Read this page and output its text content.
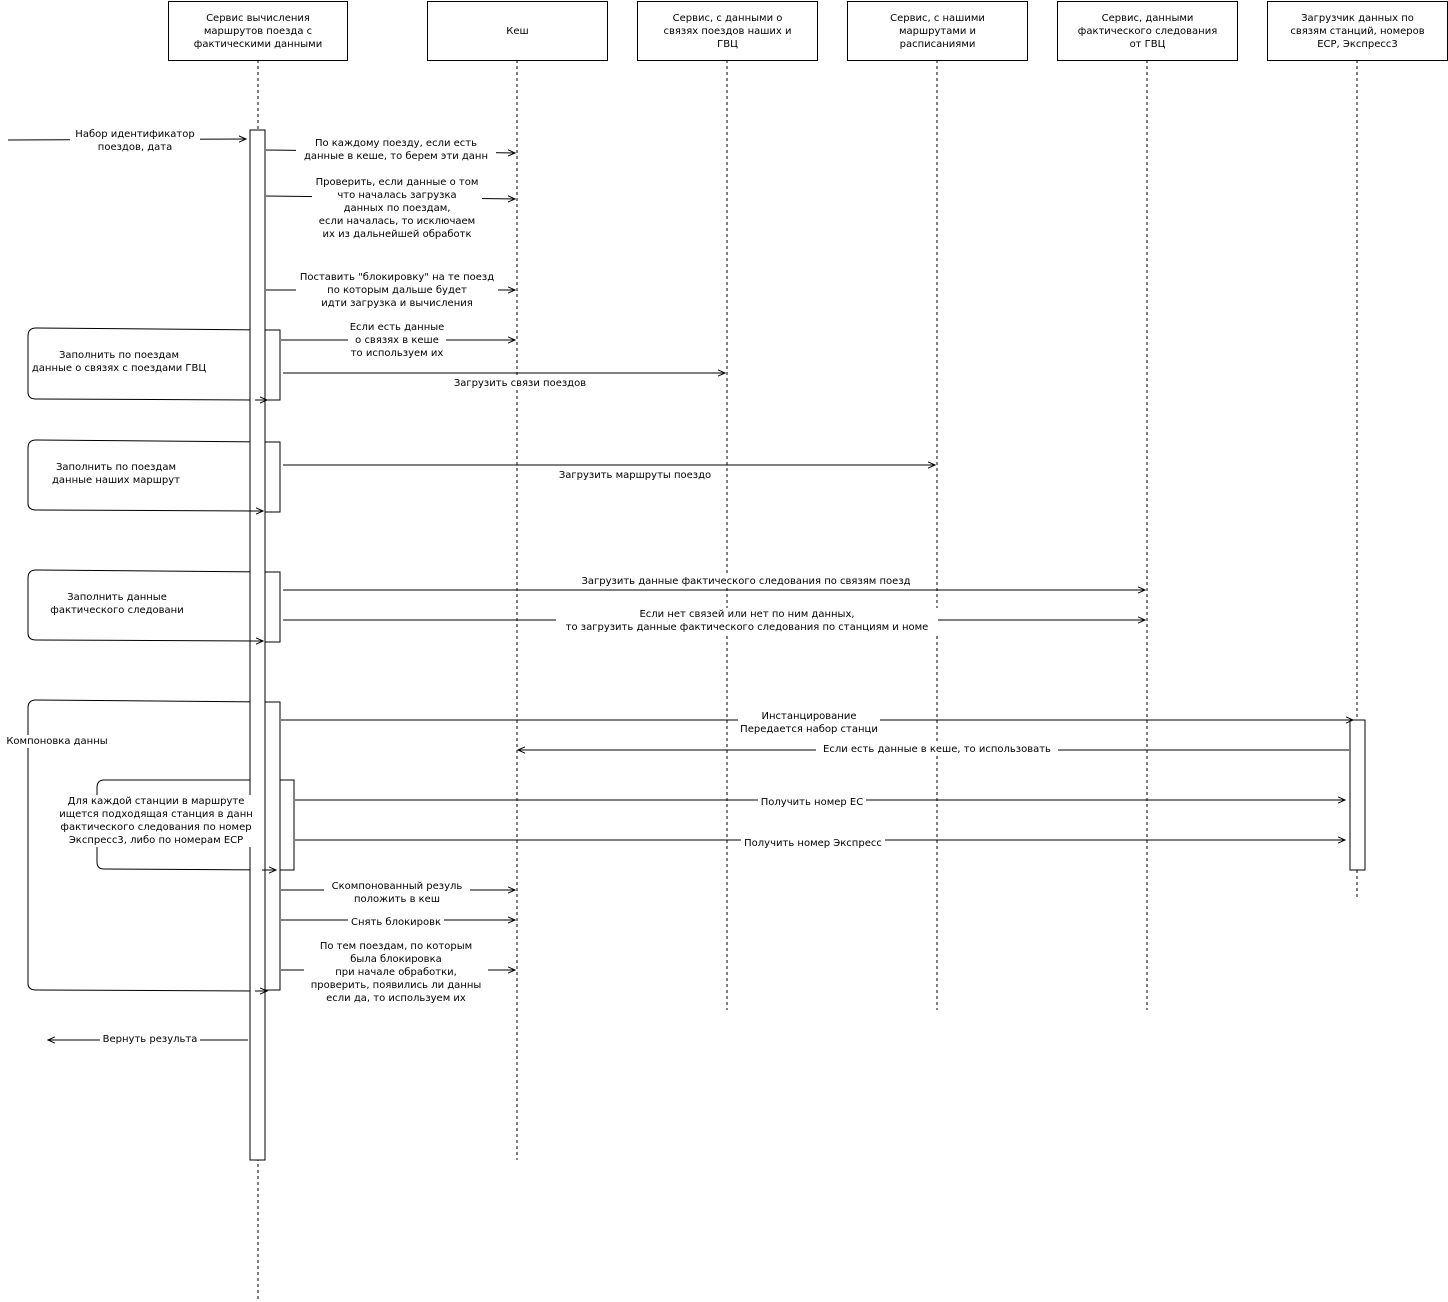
Сервис вычисления
маршрутов поезда с
фактическими данными
Кеш
Сервис, с данными о
связях поездов наших и
ГВЦ
Сервис, с нашими
маршрутами и
расписаниями
Сервис, данными
фактического следования
от ГВЦ
Загрузчик данных по
связям станций, номеров
ЕСР, Экспресс3
Набор идентификатор
поездов, дата	По каждому поезду, если есть
данные в кеше, то берем эти данн
Проверить, если данные о том
что началась загрузка
данных по поездам,
если началась, то исключаем
их из дальнейшей обработк
Поставить "блокировку" на те поезд
по которым дальше будет
идти загрузка и вычисления
Если есть данные
о связях в кеше
то используем их
Загрузить связи поездов
Загрузить маршруты поездо
Загрузить данные фактического следования по связям поезд
Если нет связей или нет по ним данных,
то загрузить данные фактического следования по станциям и номе
Инстанцирование
Передается набор станци
Если есть данные в кеше, то использовать
Получить номер ЕС
Получить номер Экспресс
Скомпонованный резуль
положить в кеш
Снять блокировк
По тем поездам, по которым
была блокировка
при начале обработки,
проверить, появились ли данны
если да, то используем их
Вернуть результа
Заполнить по поездам
данные о связях с поездами ГВЦ
Заполнить по поездам
данные наших маршрут
Заполнить данные
фактического следовани
Компоновка данны
Для каждой станции в маршруте
ищется подходящая станция в данн
фактического следования по номер
Экспресс3, либо по номерам ЕСР
